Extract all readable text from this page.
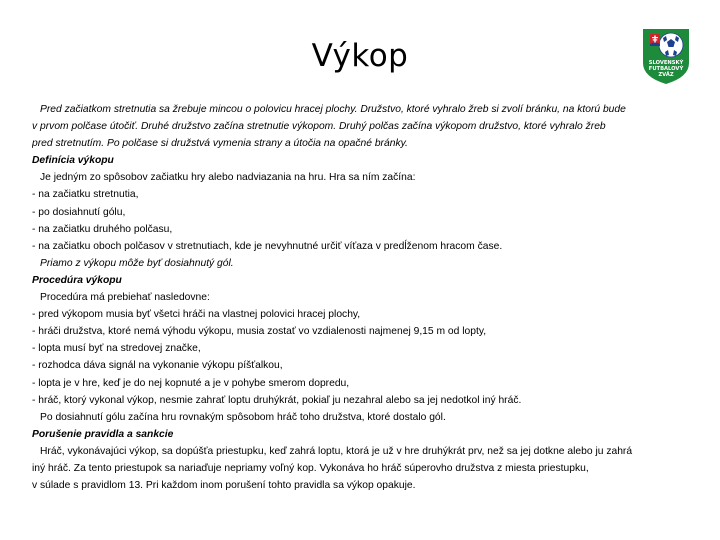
Výkop	SLOVENSKÝ FUTBALOVÝ ZVÄZ
Pred začiatkom stretnutia sa žrebuje mincou o polovicu hracej plochy. Družstvo, ktoré vyhralo žreb si zvolí bránku, na ktorú bude
v prvom polčase útočiť. Druhé družstvo začína stretnutie výkopom. Druhý polčas začína výkopom družstvo, ktoré vyhralo žreb
pred stretnutím. Po polčase si družstvá vymenia strany a útočia na opačné bránky.
Definícia výkopu
Je jedným zo spôsobov začiatku hry alebo nadviazania na hru. Hra sa ním začína:
- na začiatku stretnutia,
- po dosiahnutí gólu,
- na začiatku druhého polčasu,
- na začiatku oboch polčasov v stretnutiach, kde je nevyhnutné určiť víťaza v predĺženom hracom čase.
Priamo z výkopu môže byť dosiahnutý gól.
Procedúra výkopu
Procedúra má prebiehať nasledovne:
- pred výkopom musia byť všetci hráči na vlastnej polovici hracej plochy,
- hráči družstva, ktoré nemá výhodu výkopu, musia zostať vo vzdialenosti najmenej 9,15 m od lopty,
- lopta musí byť na stredovej značke,
- rozhodca dáva signál na vykonanie výkopu píšťalkou,
- lopta je v hre, keď je do nej kopnuté a je v pohybe smerom dopredu,
- hráč, ktorý vykonal výkop, nesmie zahrať loptu druhýkrát, pokiaľ ju nezahral alebo sa jej nedotkol iný hráč.
Po dosiahnutí gólu začína hru rovnakým spôsobom hráč toho družstva, ktoré dostalo gól.
Porušenie pravidla a sankcie
Hráč, vykonávajúci výkop, sa dopúšťa priestupku, keď zahrá loptu, ktorá je už v hre druhýkrát prv, než sa jej dotkne alebo ju zahrá
iný hráč. Za tento priestupok sa nariaďuje nepriamy voľný kop. Vykonáva ho hráč súperovho družstva z miesta priestupku,
v súlade s pravidlom 13. Pri každom inom porušení tohto pravidla sa výkop opakuje.
